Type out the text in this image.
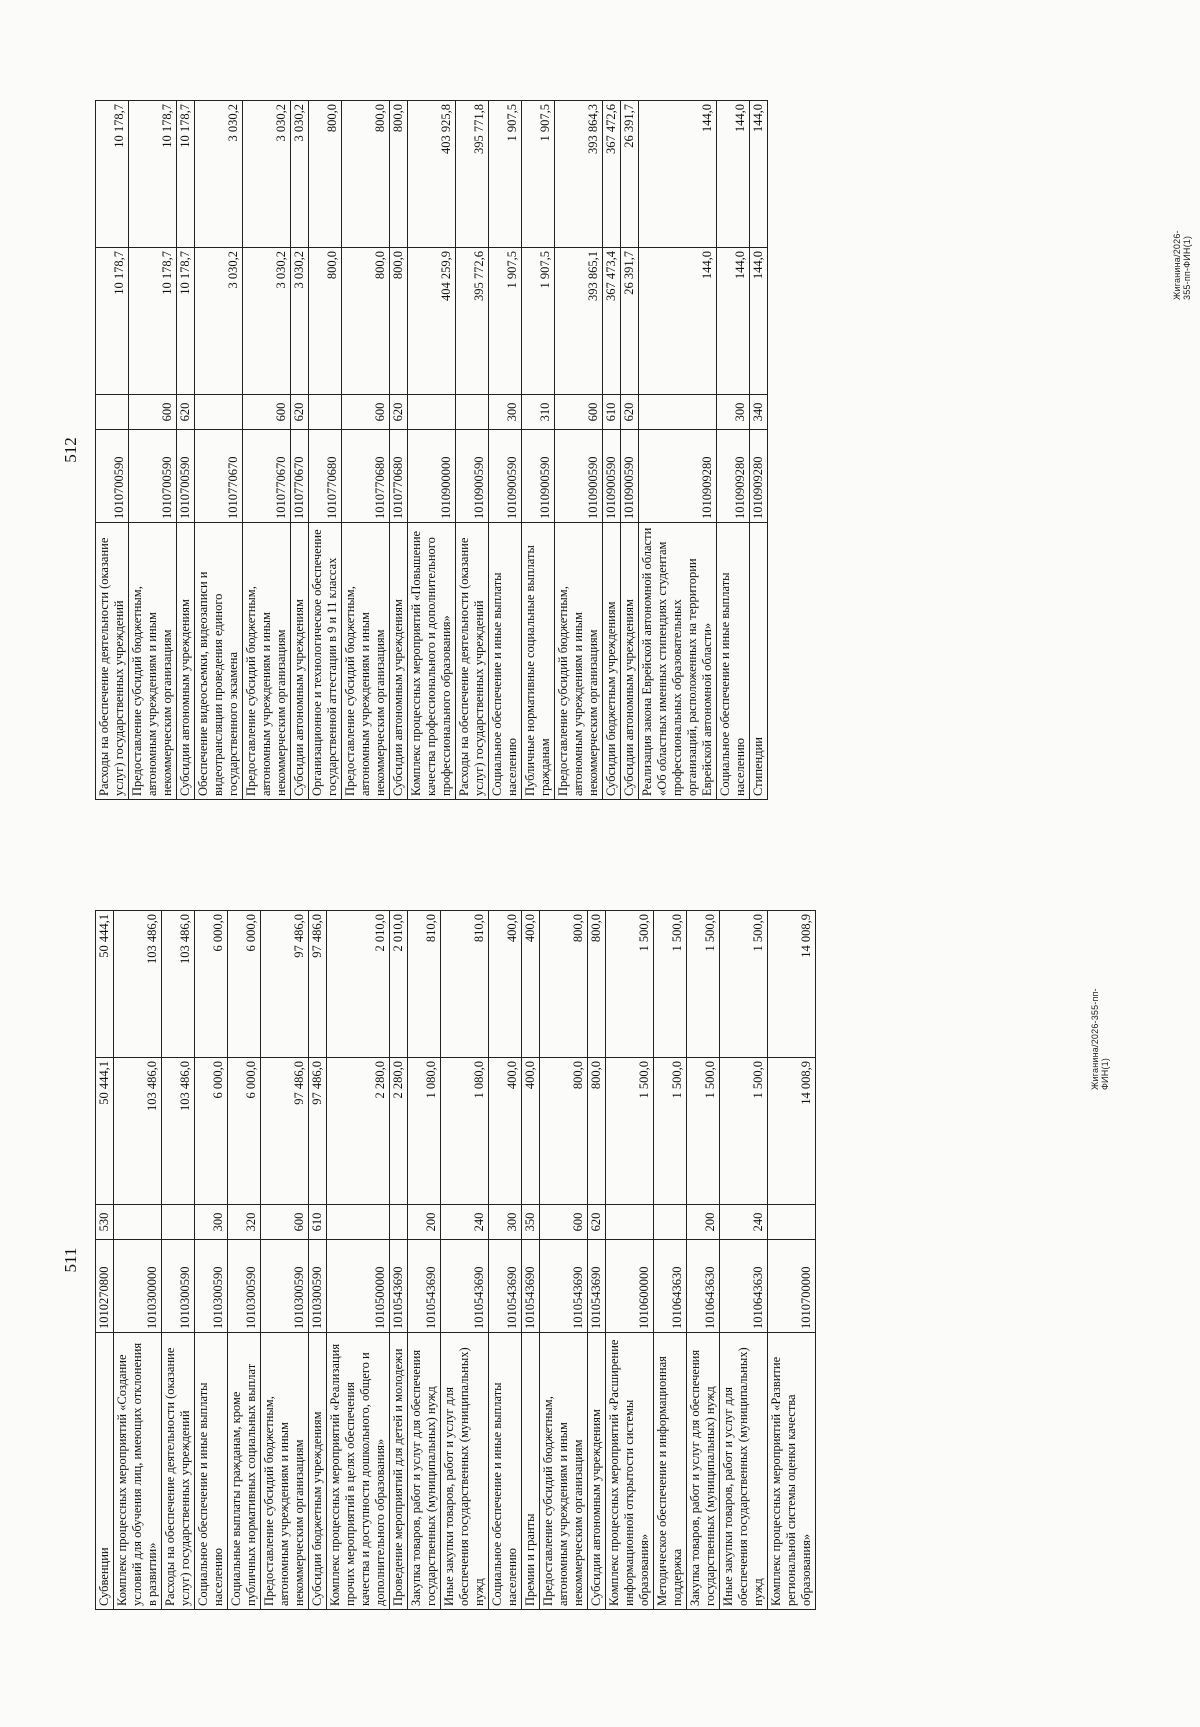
512
Расходы на обеспечение деятельности (оказание услуг) государственных учреждений	1010700590		10 178,7	10 178,7
Предоставление субсидий бюджетным, автономным учреждениям и иным некоммерческим организациям	1010700590	600	10 178,7	10 178,7
Субсидии автономным учреждениям	1010700590	620	10 178,7	10 178,7
Обеспечение видеосъемки, видеозаписи и видеотрансляции проведения единого государственного экзамена	1010770670		3 030,2	3 030,2
Предоставление субсидий бюджетным, автономным учреждениям и иным некоммерческим организациям	1010770670	600	3 030,2	3 030,2
Субсидии автономным учреждениям	1010770670	620	3 030,2	3 030,2
Организационное и технологическое обеспечение государственной аттестации в 9 и 11 классах	1010770680		800,0	800,0
Предоставление субсидий бюджетным, автономным учреждениям и иным некоммерческим организациям	1010770680	600	800,0	800,0
Субсидии автономным учреждениям	1010770680	620	800,0	800,0
Комплекс процессных мероприятий «Повышение качества профессионального и дополнительного профессионального образования»	1010900000		404 259,9	403 925,8
Расходы на обеспечение деятельности (оказание услуг) государственных учреждений	1010900590		395 772,6	395 771,8
Социальное обеспечение и иные выплаты населению	1010900590	300	1 907,5	1 907,5
Публичные нормативные социальные выплаты гражданам	1010900590	310	1 907,5	1 907,5
Предоставление субсидий бюджетным, автономным учреждениям и иным некоммерческим организациям	1010900590	600	393 865,1	393 864,3
Субсидии бюджетным учреждениям	1010900590	610	367 473,4	367 472,6
Субсидии автономным учреждениям	1010900590	620	26 391,7	26 391,7
Реализация закона Еврейской автономной области «Об областных именных стипендиях студентам профессиональных образовательных организаций, расположенных на территории Еврейской автономной области»	1010909280		144,0	144,0
Социальное обеспечение и иные выплаты населению	1010909280	300	144,0	144,0
Стипендии	1010909280	340	144,0	144,0
511
Субвенции	1010270800	530	50 444,1	50 444,1
Комплекс процессных мероприятий «Создание условий для обучения лиц, имеющих отклонения в развитии»	1010300000		103 486,0	103 486,0
Расходы на обеспечение деятельности (оказание услуг) государственных учреждений	1010300590		103 486,0	103 486,0
Социальное обеспечение и иные выплаты населению	1010300590	300	6 000,0	6 000,0
Социальные выплаты гражданам, кроме публичных нормативных социальных выплат	1010300590	320	6 000,0	6 000,0
Предоставление субсидий бюджетным, автономным учреждениям и иным некоммерческим организациям	1010300590	600	97 486,0	97 486,0
Субсидии бюджетным учреждениям	1010300590	610	97 486,0	97 486,0
Комплекс процессных мероприятий «Реализация прочих мероприятий в целях обеспечения качества и доступности дошкольного, общего и дополнительного образования»	1010500000		2 280,0	2 010,0
Проведение мероприятий для детей и молодежи	1010543690		2 280,0	2 010,0
Закупка товаров, работ и услуг для обеспечения государственных (муниципальных) нужд	1010543690	200	1 080,0	810,0
Иные закупки товаров, работ и услуг для обеспечения государственных (муниципальных) нужд	1010543690	240	1 080,0	810,0
Социальное обеспечение и иные выплаты населению	1010543690	300	400,0	400,0
Премии и гранты	1010543690	350	400,0	400,0
Предоставление субсидий бюджетным, автономным учреждениям и иным некоммерческим организациям	1010543690	600	800,0	800,0
Субсидии автономным учреждениям	1010543690	620	800,0	800,0
Комплекс процессных мероприятий «Расширение информационной открытости системы образования»	1010600000		1 500,0	1 500,0
Методическое обеспечение и информационная поддержка	1010643630		1 500,0	1 500,0
Закупка товаров, работ и услуг для обеспечения государственных (муниципальных) нужд	1010643630	200	1 500,0	1 500,0
Иные закупки товаров, работ и услуг для обеспечения государственных (муниципальных) нужд	1010643630	240	1 500,0	1 500,0
Комплекс процессных мероприятий «Развитие региональной системы оценки качества образования»	1010700000		14 008,9	14 008,9
Жиганина/2026-355-пп-ФИН(1)
Жиганина/2026-355-пп-ФИН(1)
